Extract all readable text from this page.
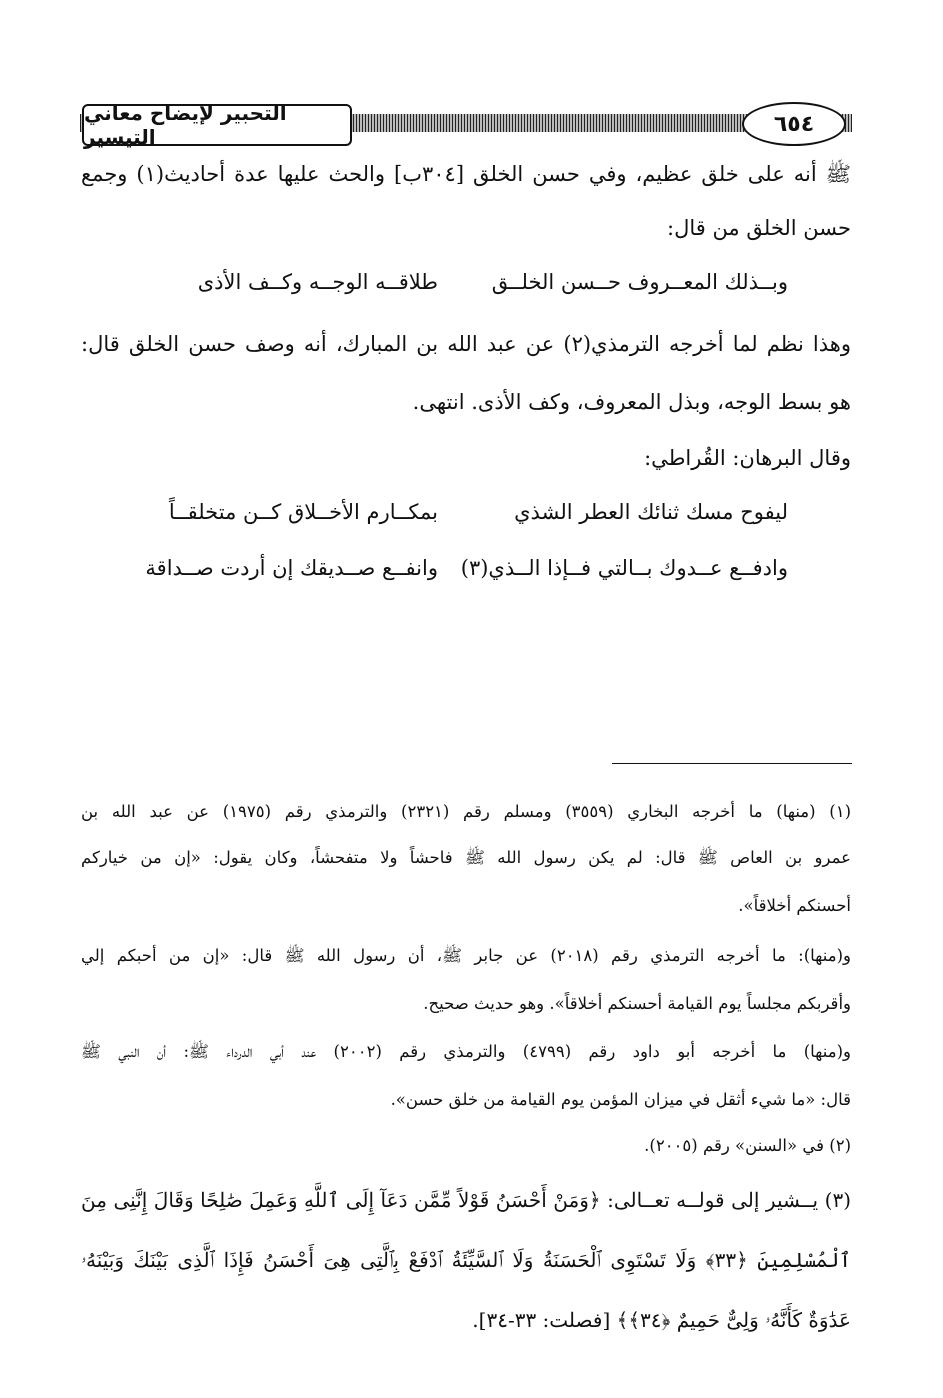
التحبير لإيضاح معاني التيسير
٦٥٤
ﷺ أنه على خلق عظيم، وفي حسن الخلق [٣٠٤ب] والحث عليها عدة أحاديث(١) وجمع
حسن الخلق من قال:
طلاقــه الوجــه وكــف الأذى	وبــذلك المعــروف حــسن الخلــق
وهذا نظم لما أخرجه الترمذي(٢) عن عبد الله بن المبارك، أنه وصف حسن الخلق قال:
هو بسط الوجه، وبذل المعروف، وكف الأذى. انتهى.
وقال البرهان: القُراطي:
بمكــارم الأخــلاق كــن متخلقــاً	ليفوح مسك ثنائك العطر الشذي
وانفــع صــديقك إن أردت صــداقة	وادفــع عــدوك بــالتي فــإذا الــذي(٣)
(١) (منها) ما أخرجه البخاري (٣٥٥٩) ومسلم رقم (٢٣٢١) والترمذي رقم (١٩٧٥) عن عبد الله بن
عمرو بن العاص ﷺ قال: لم يكن رسول الله ﷺ فاحشاً ولا متفحشاً، وكان يقول: «إن من خياركم
أحسنكم أخلاقاً».
و(منها): ما أخرجه الترمذي رقم (٢٠١٨) عن جابر ﷺ، أن رسول الله ﷺ قال: «إن من أحبكم إلي
وأقربكم مجلساً يوم القيامة أحسنكم أخلاقاً». وهو حديث صحيح.
و(منها) ما أخرجه أبو داود رقم (٤٧٩٩) والترمذي رقم (٢٠٠٢) عند أبي الدرداء ﷺ: أن النبي ﷺ
قال: «ما شيء أثقل في ميزان المؤمن يوم القيامة من خلق حسن».
(٢) في «السنن» رقم (٢٠٠٥).
(٣) يــشير إلى قولــه تعــالى: ﴿وَمَنْ أَحْسَنُ قَوْلاً مِّمَّن دَعَآ إِلَى ٱللَّهِ وَعَمِلَ صَٰلِحًا وَقَالَ إِنَّنِى مِنَ
ٱلْمُسْلِمِينَ ﴿٣٣﴾ وَلَا تَسْتَوِى ٱلْحَسَنَةُ وَلَا ٱلسَّيِّئَةُ ٱدْفَعْ بِٱلَّتِى هِىَ أَحْسَنُ فَإِذَا ٱلَّذِى بَيْنَكَ وَبَيْنَهُۥ
عَدَٰوَةٌ كَأَنَّهُۥ وَلِىٌّ حَمِيمٌ ﴿٣٤﴾﴾ [فصلت: ٣٣-٣٤].
